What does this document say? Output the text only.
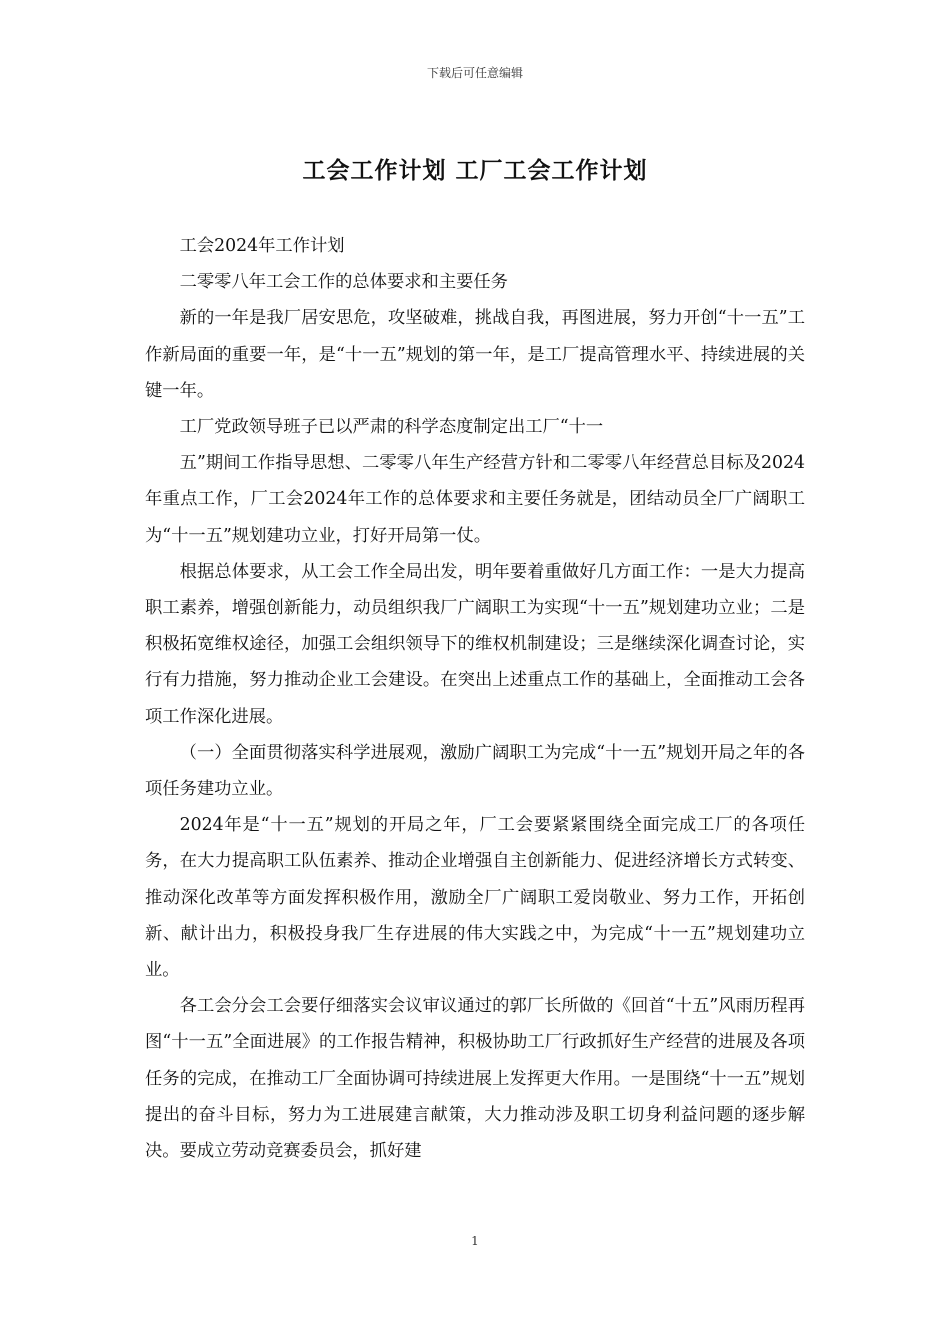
下载后可任意编辑
工会工作计划 工厂工会工作计划

工会2024年工作计划

二零零八年工会工作的总体要求和主要任务

新的一年是我厂居安思危，攻坚破难，挑战自我，再图进展，努力开创“十一五”工作新局面的重要一年，是“十一五”规划的第一年，是工厂提高管理水平、持续进展的关键一年。

工厂党政领导班子已以严肃的科学态度制定出工厂“十一

五”期间工作指导思想、二零零八年生产经营方针和二零零八年经营总目标及2024年重点工作，厂工会2024年工作的总体要求和主要任务就是，团结动员全厂广阔职工为“十一五”规划建功立业，打好开局第一仗。

根据总体要求，从工会工作全局出发，明年要着重做好几方面工作：一是大力提高职工素养，增强创新能力，动员组织我厂广阔职工为实现“十一五”规划建功立业；二是积极拓宽维权途径，加强工会组织领导下的维权机制建设；三是继续深化调查讨论，实行有力措施，努力推动企业工会建设。在突出上述重点工作的基础上，全面推动工会各项工作深化进展。

（一）全面贯彻落实科学进展观，激励广阔职工为完成“十一五”规划开局之年的各项任务建功立业。

2024年是“十一五”规划的开局之年，厂工会要紧紧围绕全面完成工厂的各项任务，在大力提高职工队伍素养、推动企业增强自主创新能力、促进经济增长方式转变、推动深化改革等方面发挥积极作用，激励全厂广阔职工爱岗敬业、努力工作，开拓创新、献计出力，积极投身我厂生存进展的伟大实践之中，为完成“十一五”规划建功立业。

各工会分会工会要仔细落实会议审议通过的郭厂长所做的《回首“十五”风雨历程再图“十一五”全面进展》的工作报告精神，积极协助工厂行政抓好生产经营的进展及各项任务的完成，在推动工厂全面协调可持续进展上发挥更大作用。一是围绕“十一五”规划提出的奋斗目标，努力为工进展建言献策，大力推动涉及职工切身利益问题的逐步解决。要成立劳动竞赛委员会，抓好建

1
